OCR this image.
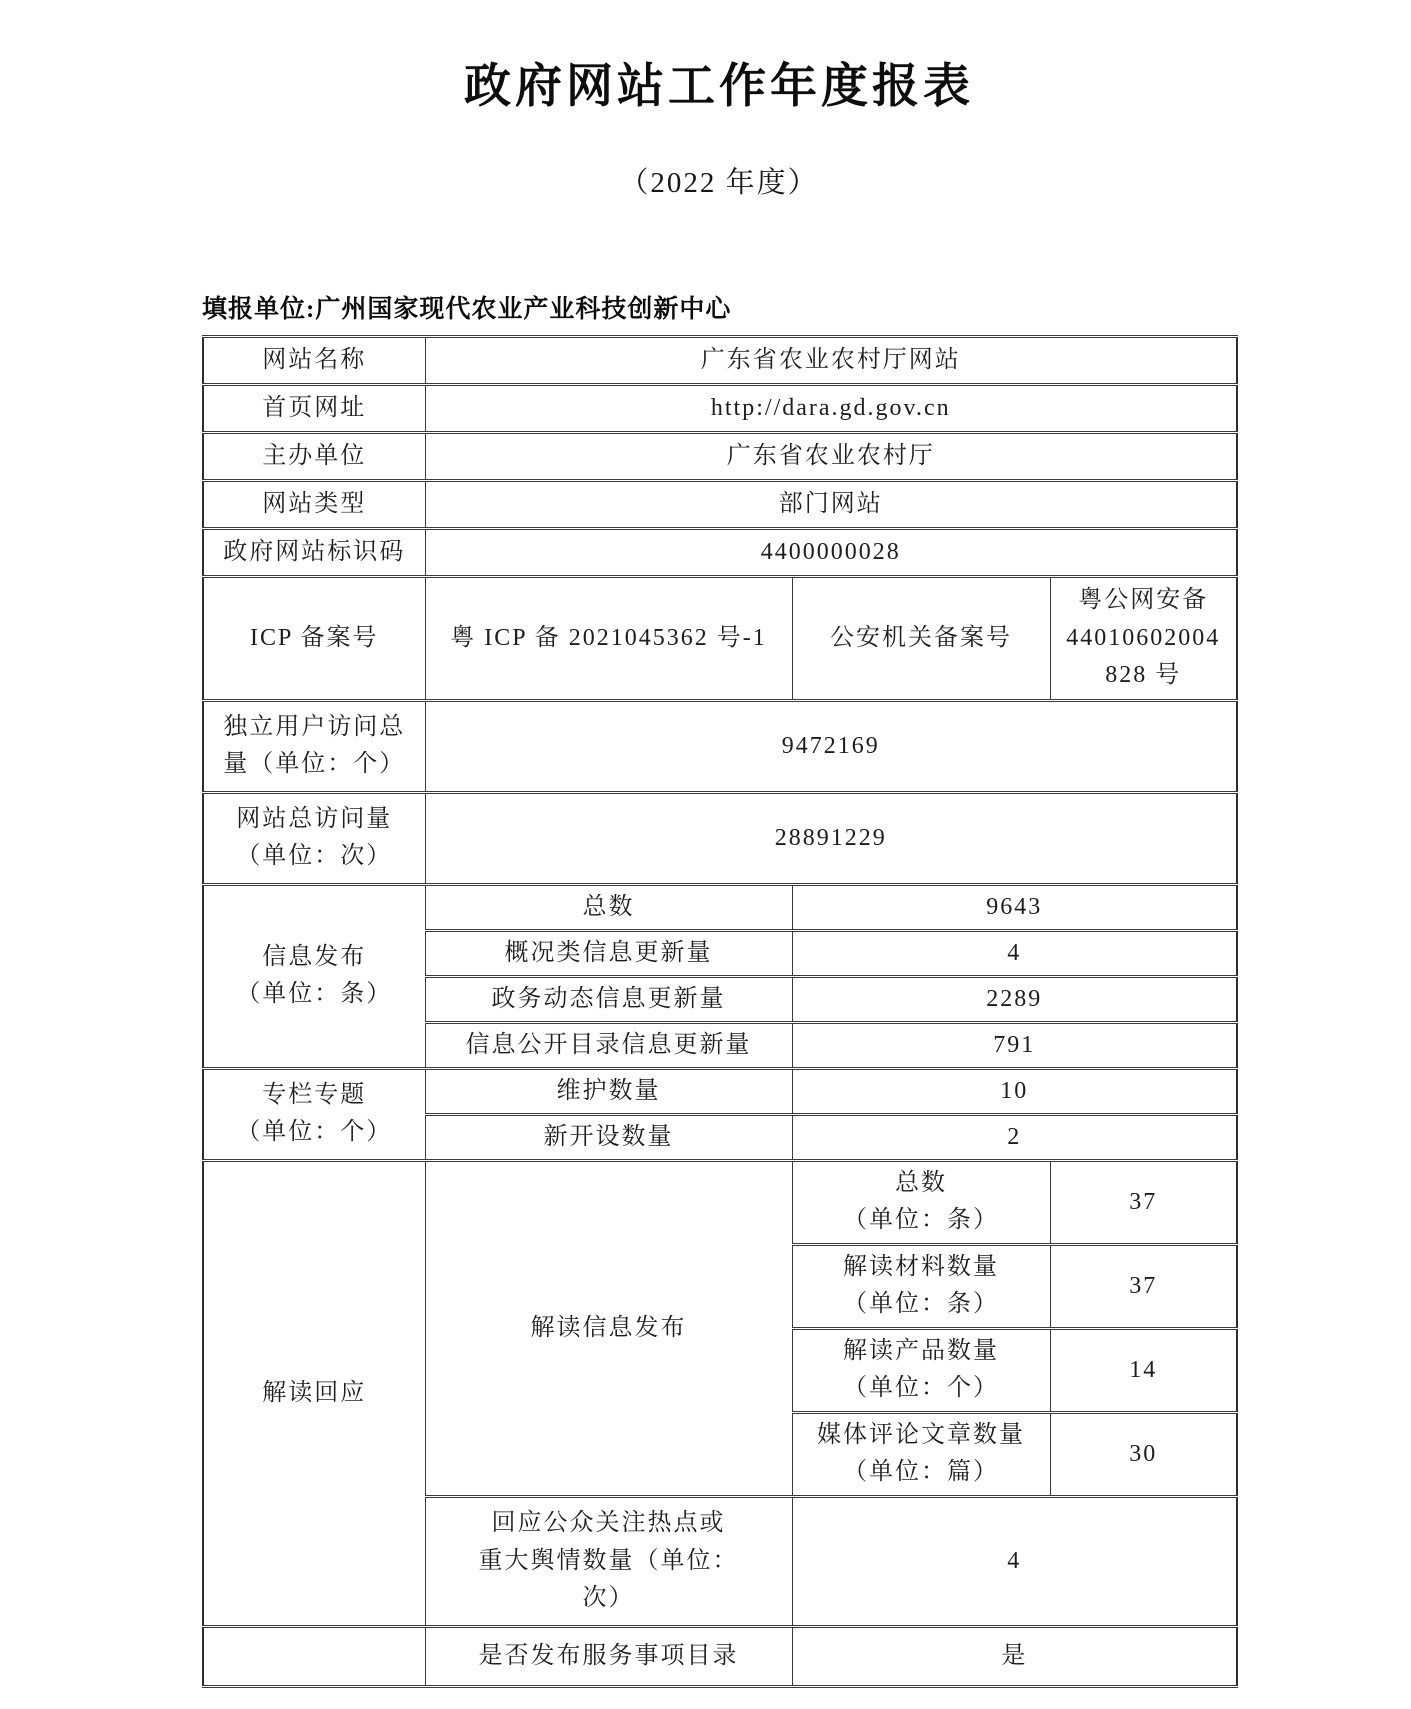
政府网站工作年度报表
（2022 年度）
填报单位:广州国家现代农业产业科技创新中心
网站名称	广东省农业农村厅网站		
首页网址	http://dara.gd.gov.cn		
主办单位	广东省农业农村厅		
网站类型	部门网站		
政府网站标识码	4400000028		
ICP 备案号	粤 ICP 备 2021045362 号-1	公安机关备案号	粤公网安备
44010602004
828 号
独立用户访问总
量（单位：个）	9472169		
网站总访问量
（单位：次）	28891229		
信息发布
（单位：条）	总数	9643	
	概况类信息更新量	4	
	政务动态信息更新量	2289	
	信息公开目录信息更新量	791	
专栏专题
（单位：个）	维护数量	10	
	新开设数量	2	
解读回应	解读信息发布	总数
（单位：条）	37
		解读材料数量
（单位：条）	37
		解读产品数量
（单位：个）	14
		媒体评论文章数量
（单位：篇）	30
	回应公众关注热点或
重大舆情数量（单位：
次）	4	
	是否发布服务事项目录	是	
